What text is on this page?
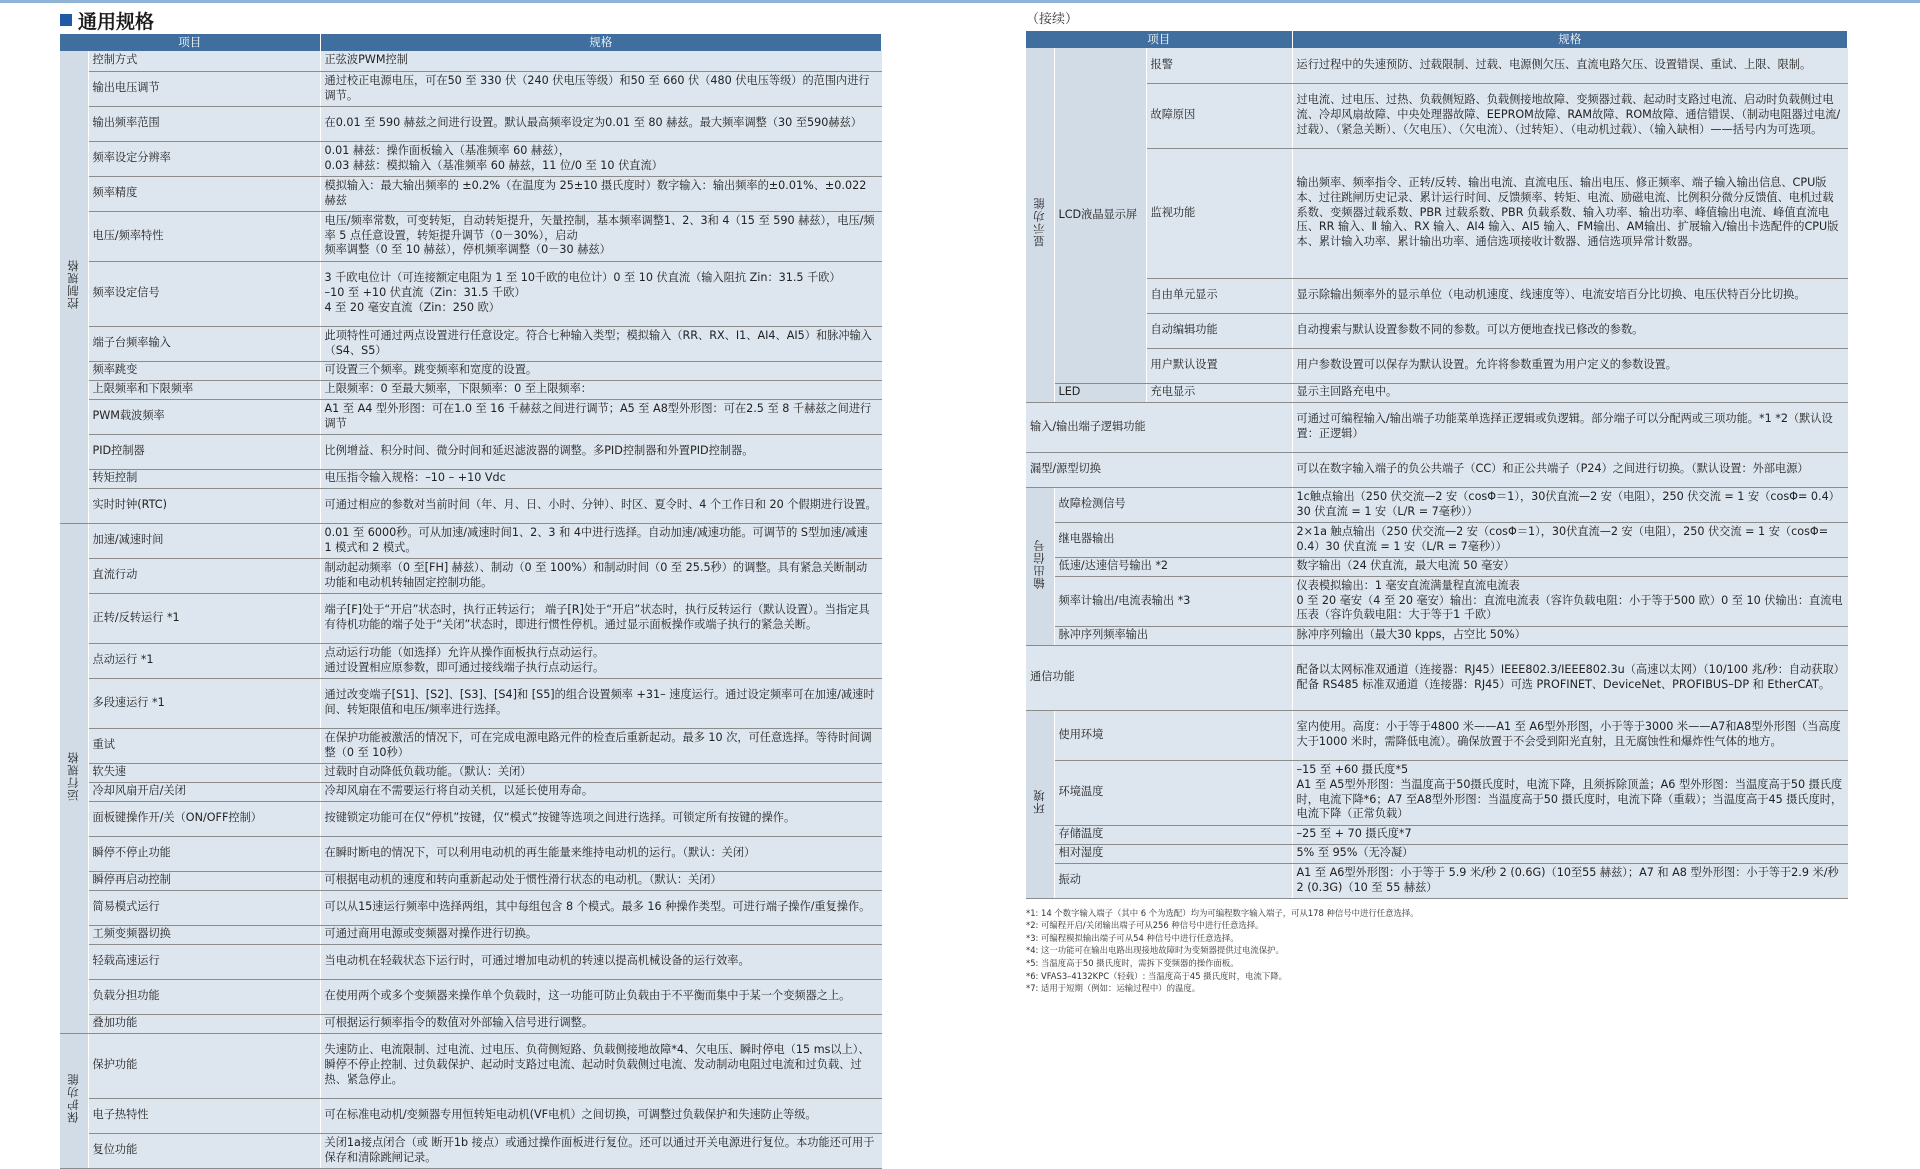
通用规格
项目		规格
控制规格	控制方式	正弦波PWM控制
	输出电压调节	通过校正电源电压，可在50 至 330 伏（240 伏电压等级）和50 至 660 伏（480 伏电压等级）的范围内进行调节。
	输出频率范围	在0.01 至 590 赫兹之间进行设置。默认最高频率设定为0.01 至 80 赫兹。最大频率调整（30 至590赫兹）
	频率设定分辨率	0.01 赫兹：操作面板输入（基准频率 60 赫兹），
0.03 赫兹：模拟输入（基准频率 60 赫兹，11 位/0 至 10 伏直流）
	频率精度	模拟输入：最大输出频率的 ±0.2%（在温度为 25±10 摄氏度时）数字输入：输出频率的±0.01%、±0.022 赫兹
	电压/频率特性	电压/频率常数，可变转矩，自动转矩提升，矢量控制，基本频率调整1、2、3和 4（15 至 590 赫兹），电压/频率 5 点任意设置，转矩提升调节（0－30%），启动
频率调整（0 至 10 赫兹），停机频率调整（0－30 赫兹）
	频率设定信号	3 千欧电位计（可连接额定电阻为 1 至 10千欧的电位计）0 至 10 伏直流（输入阻抗 Zin：31.5 千欧）
–10 至 +10 伏直流（Zin：31.5 千欧）
4 至 20 毫安直流（Zin：250 欧）
	端子台频率输入	此项特性可通过两点设置进行任意设定。符合七种输入类型；模拟输入（RR、RX、I1、AI4、AI5）和脉冲输入（S4、S5）
	频率跳变	可设置三个频率。跳变频率和宽度的设置。
	上限频率和下限频率	上限频率：0 至最大频率，下限频率：0 至上限频率：
	PWM载波频率	A1 至 A4 型外形图：可在1.0 至 16 千赫兹之间进行调节；A5 至 A8型外形图：可在2.5 至 8 千赫兹之间进行调节
	PID控制器	比例增益、积分时间、微分时间和延迟滤波器的调整。多PID控制器和外置PID控制器。
	转矩控制	电压指令输入规格：–10 – +10 Vdc
	实时时钟(RTC)	可通过相应的参数对当前时间（年、月、日、小时、分钟）、时区、夏令时、4 个工作日和 20 个假期进行设置。
运行规格	加速/减速时间	0.01 至 6000秒。可从加速/减速时间1、2、3 和 4中进行选择。自动加速/减速功能。可调节的 S型加速/减速 1 模式和 2 模式。
	直流行动	制动起动频率（0 至[FH] 赫兹）、制动（0 至 100%）和制动时间（0 至 25.5秒）的调整。具有紧急关断制动功能和电动机转轴固定控制功能。
	正转/反转运行 *1	端子[F]处于“开启”状态时，执行正转运行； 端子[R]处于“开启”状态时，执行反转运行（默认设置）。当指定具有待机功能的端子处于“关闭”状态时，即进行惯性停机。通过显示面板操作或端子执行的紧急关断。
	点动运行 *1	点动运行功能（如选择）允许从操作面板执行点动运行。
通过设置相应原参数，即可通过接线端子执行点动运行。
	多段速运行 *1	通过改变端子[S1]、[S2]、[S3]、[S4]和 [S5]的组合设置频率 +31– 速度运行。通过设定频率可在加速/减速时间、转矩限值和电压/频率进行选择。
	重试	在保护功能被激活的情况下，可在完成电源电路元件的检查后重新起动。最多 10 次，可任意选择。等待时间调整（0 至 10秒）
	软失速	过载时自动降低负载功能。（默认：关闭）
	冷却风扇开启/关闭	冷却风扇在不需要运行将自动关机，以延长使用寿命。
	面板键操作开/关（ON/OFF控制）	按键锁定功能可在仅“停机”按键，仅“模式”按键等选项之间进行选择。可锁定所有按键的操作。
	瞬停不停止功能	在瞬时断电的情况下，可以利用电动机的再生能量来维持电动机的运行。（默认：关闭）
	瞬停再启动控制	可根据电动机的速度和转向重新起动处于惯性滑行状态的电动机。（默认：关闭）
	简易模式运行	可以从15速运行频率中选择两组，其中每组包含 8 个模式。最多 16 种操作类型。可进行端子操作/重复操作。
	工频变频器切换	可通过商用电源或变频器对操作进行切换。
	轻载高速运行	当电动机在轻载状态下运行时，可通过增加电动机的转速以提高机械设备的运行效率。
	负载分担功能	在使用两个或多个变频器来操作单个负载时，这一功能可防止负载由于不平衡而集中于某一个变频器之上。
	叠加功能	可根据运行频率指令的数值对外部输入信号进行调整。
保护功能	保护功能	失速防止、电流限制、过电流、过电压、负荷侧短路、负载侧接地故障*4、欠电压、瞬时停电（15 ms以上）、瞬停不停止控制、过负载保护、起动时支路过电流、起动时负载侧过电流、发动制动电阻过电流和过负载、过热、紧急停止。
	电子热特性	可在标准电动机/变频器专用恒转矩电动机(VF电机）之间切换，可调整过负载保护和失速防止等级。
	复位功能	关闭1a接点闭合（或 断开1b 接点）或通过操作面板进行复位。还可以通过开关电源进行复位。本功能还可用于保存和清除跳闸记录。
（接续）
项目			规格
显示功能	LCD液晶显示屏	报警	运行过程中的失速预防、过载限制、过载、电源侧欠压、直流电路欠压、设置错误、重试、上限、限制。
		故障原因	过电流、过电压、过热、负载侧短路、负载侧接地故障、变频器过载、起动时支路过电流、启动时负载侧过电流、冷却风扇故障、中央处理器故障、EEPROM故障、RAM故障、ROM故障、通信错误、（制动电阻器过电流/过载）、（紧急关断）、（欠电压）、（欠电流）、（过转矩）、（电动机过载）、（输入缺相）——括号内为可选项。
		监视功能	输出频率、频率指令、正转/反转、输出电流、直流电压、输出电压、修正频率、端子输入输出信息、CPU版本、过往跳闸历史记录、累计运行时间、反馈频率、转矩、电流、励磁电流、比例积分微分反馈值、电机过载系数、变频器过载系数、PBR 过载系数、PBR 负载系数、输入功率、输出功率、峰值输出电流、峰值直流电压、RR 输入、Ⅱ 输入、RX 输入、AI4 输入、AI5 输入、FM输出、AM输出、扩展输入/输出卡选配件的CPU版本、累计输入功率、累计输出功率、通信选项接收计数器、通信选项异常计数器。
		自由单元显示	显示除输出频率外的显示单位（电动机速度、线速度等）、电流安培百分比切换、电压伏特百分比切换。
		自动编辑功能	自动搜索与默认设置参数不同的参数。可以方便地查找已修改的参数。
		用户默认设置	用户参数设置可以保存为默认设置。允许将参数重置为用户定义的参数设置。
	LED	充电显示	显示主回路充电中。
输入/输出端子逻辑功能			可通过可编程输入/输出端子功能菜单选择正逻辑或负逻辑。部分端子可以分配两或三项功能。*1 *2（默认设置：正逻辑）
漏型/源型切换			可以在数字输入端子的负公共端子（CC）和正公共端子（P24）之间进行切换。（默认设置：外部电源）
输出信号	故障检测信号		1c触点输出（250 伏交流—2 安（cosΦ＝1），30伏直流—2 安（电阻），250 伏交流 = 1 安（cosΦ= 0.4）30 伏直流 = 1 安（L/R = 7毫秒））
	继电器输出		2×1a 触点输出（250 伏交流—2 安（cosΦ＝1），30伏直流—2 安（电阻），250 伏交流 = 1 安（cosΦ= 0.4）30 伏直流 = 1 安（L/R = 7毫秒））
	低速/达速信号输出 *2		数字输出（24 伏直流，最大电流 50 毫安）
	频率计输出/电流表输出 *3		仪表模拟输出：1 毫安直流满量程直流电流表
0 至 20 毫安（4 至 20 毫安）输出：直流电流表（容许负载电阻：小于等于500 欧）0 至 10 伏输出：直流电压表（容许负载电阻：大于等于1 千欧）
	脉冲序列频率输出		脉冲序列输出（最大30 kpps，占空比 50%）
通信功能			配备以太网标准双通道（连接器：RJ45）IEEE802.3/IEEE802.3u（高速以太网）（10/100 兆/秒：自动获取）配备 RS485 标准双通道（连接器：RJ45）可选 PROFINET、DeviceNet、PROFIBUS–DP 和 EtherCAT。
环境	使用环境		室内使用。高度：小于等于4800 米——A1 至 A6型外形图，小于等于3000 米——A7和A8型外形图（当高度大于1000 米时，需降低电流）。确保放置于不会受到阳光直射，且无腐蚀性和爆炸性气体的地方。
	环境温度		–15 至 +60 摄氏度*5
A1 至 A5型外形图：当温度高于50摄氏度时，电流下降，且须拆除顶盖；A6 型外形图：当温度高于50 摄氏度时，电流下降*6；A7 至A8型外形图：当温度高于50 摄氏度时，电流下降（重载）；当温度高于45 摄氏度时，电流下降（正常负载）
	存储温度		–25 至 + 70 摄氏度*7
	相对湿度		5% 至 95%（无冷凝）
	振动		A1 至 A6型外形图：小于等于 5.9 米/秒 2 (0.6G)（10至55 赫兹）；A7 和 A8 型外形图：小于等于2.9 米/秒 2 (0.3G)（10 至 55 赫兹）
*1: 14 个数字输入端子（其中 6 个为选配）均为可编程数字输入端子，可从178 种信号中进行任意选择。
*2: 可编程开启/关闭输出端子可从256 种信号中进行任意选择。
*3: 可编程模拟输出端子可从54 种信号中进行任意选择。
*4: 这一功能可在输出电路出现接地故障时为变频器提供过电流保护。
*5: 当温度高于50 摄氏度时，需拆下变频器的操作面板。
*6: VFAS3–4132KPC（轻载）: 当温度高于45 摄氏度时，电流下降。
*7: 适用于短期（例如：运输过程中）的温度。
